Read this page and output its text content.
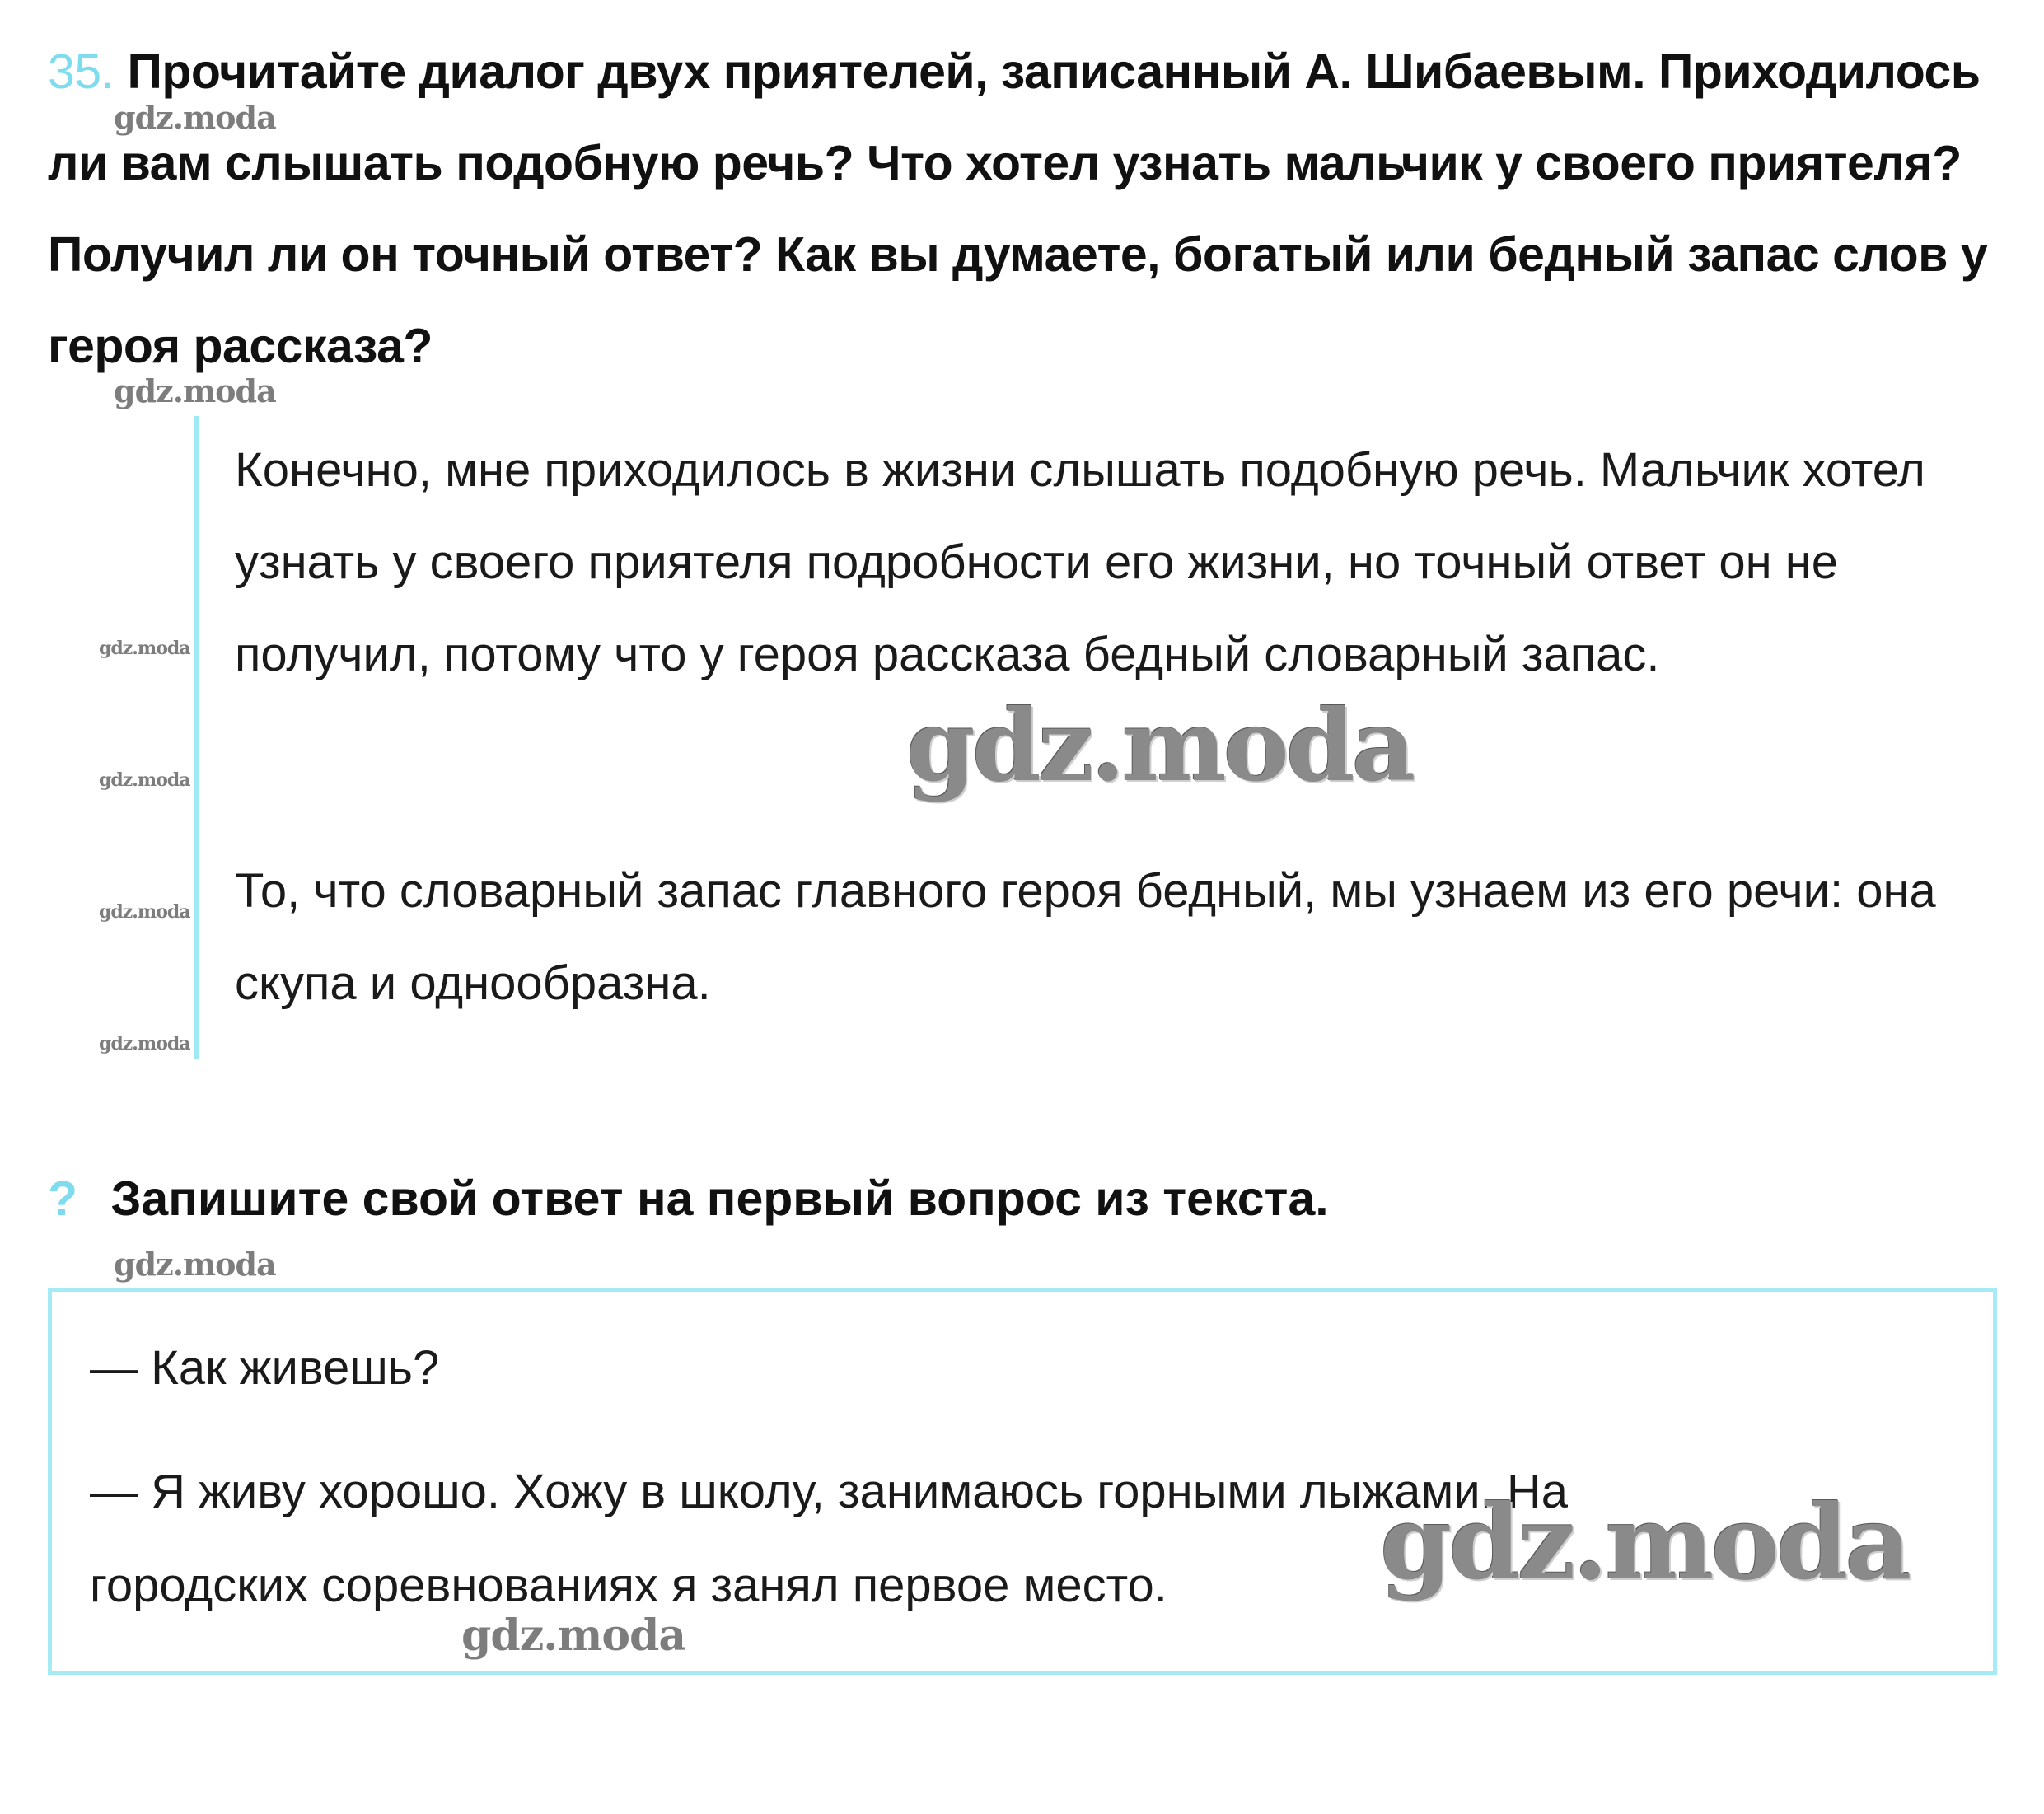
35. Прочитайте диалог двух приятелей, записанный А. Шибаевым. Приходилось ли вам слышать подобную речь? Что хотел узнать мальчик у своего приятеля? Получил ли он точный ответ? Как вы думаете, богатый или бедный запас слов у героя рассказа?
Конечно, мне приходилось в жизни слышать подобную речь. Мальчик хотел узнать у своего приятеля подробности его жизни, но точный ответ он не получил, потому что у героя рассказа бедный словарный запас.
То, что словарный запас главного героя бедный, мы узнаем из его речи: она скупа и однообразна.
? Запишите свой ответ на первый вопрос из текста.
— Как живешь?
— Я живу хорошо. Хожу в школу, занимаюсь горными лыжами. На
городских соревнованиях я занял первое место.
gdz.moda
gdz.moda
gdz.moda
gdz.moda
gdz.moda
gdz.moda
gdz.moda
gdz.moda
gdz.moda
gdz.moda
